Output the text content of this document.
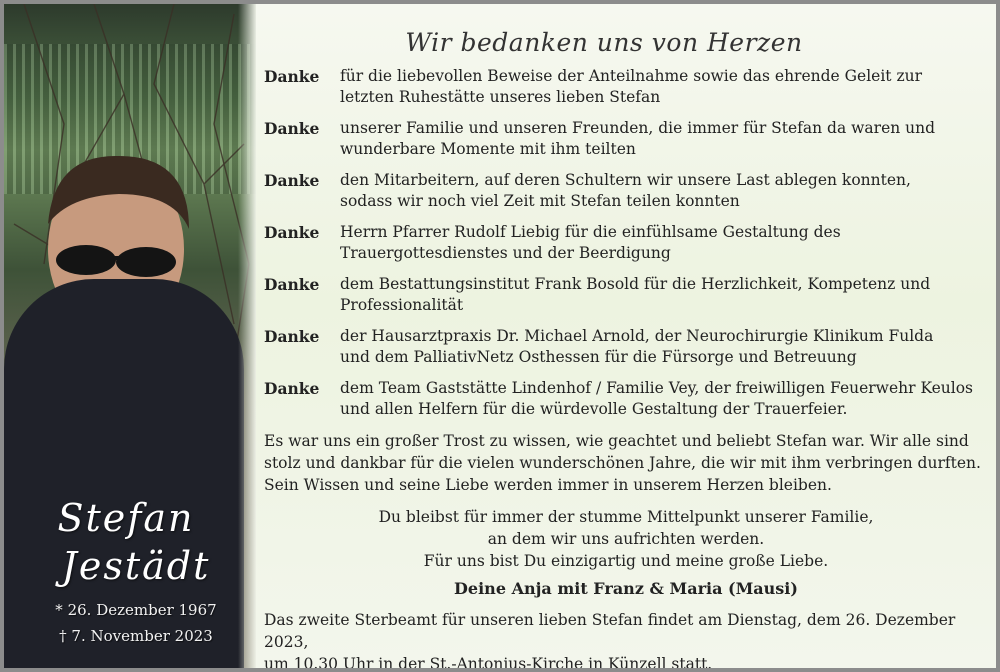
Stefan
Jestädt
* 26. Dezember 1967
† 7. November 2023
Wir bedanken uns von Herzen
Danke für die liebevollen Beweise der Anteilnahme sowie das ehrende Geleit zur
letzten Ruhestätte unseres lieben Stefan
Danke unserer Familie und unseren Freunden, die immer für Stefan da waren und
wunderbare Momente mit ihm teilten
Danke den Mitarbeitern, auf deren Schultern wir unsere Last ablegen konnten,
sodass wir noch viel Zeit mit Stefan teilen konnten
Danke Herrn Pfarrer Rudolf Liebig für die einfühlsame Gestaltung des
Trauergottesdienstes und der Beerdigung
Danke dem Bestattungsinstitut Frank Bosold für die Herzlichkeit, Kompetenz und
Professionalität
Danke der Hausarztpraxis Dr. Michael Arnold, der Neurochirurgie Klinikum Fulda
und dem PalliativNetz Osthessen für die Fürsorge und Betreuung
Danke dem Team Gaststätte Lindenhof / Familie Vey, der freiwilligen Feuerwehr Keulos
und allen Helfern für die würdevolle Gestaltung der Trauerfeier.
Es war uns ein großer Trost zu wissen, wie geachtet und beliebt Stefan war. Wir alle sind
stolz und dankbar für die vielen wunderschönen Jahre, die wir mit ihm verbringen durften.
Sein Wissen und seine Liebe werden immer in unserem Herzen bleiben.
Du bleibst für immer der stumme Mittelpunkt unserer Familie,
an dem wir uns aufrichten werden.
Für uns bist Du einzigartig und meine große Liebe.
Deine Anja mit Franz & Maria (Mausi)
Das zweite Sterbeamt für unseren lieben Stefan findet am Dienstag, dem 26. Dezember 2023,
um 10.30 Uhr in der St.-Antonius-Kirche in Künzell statt.
